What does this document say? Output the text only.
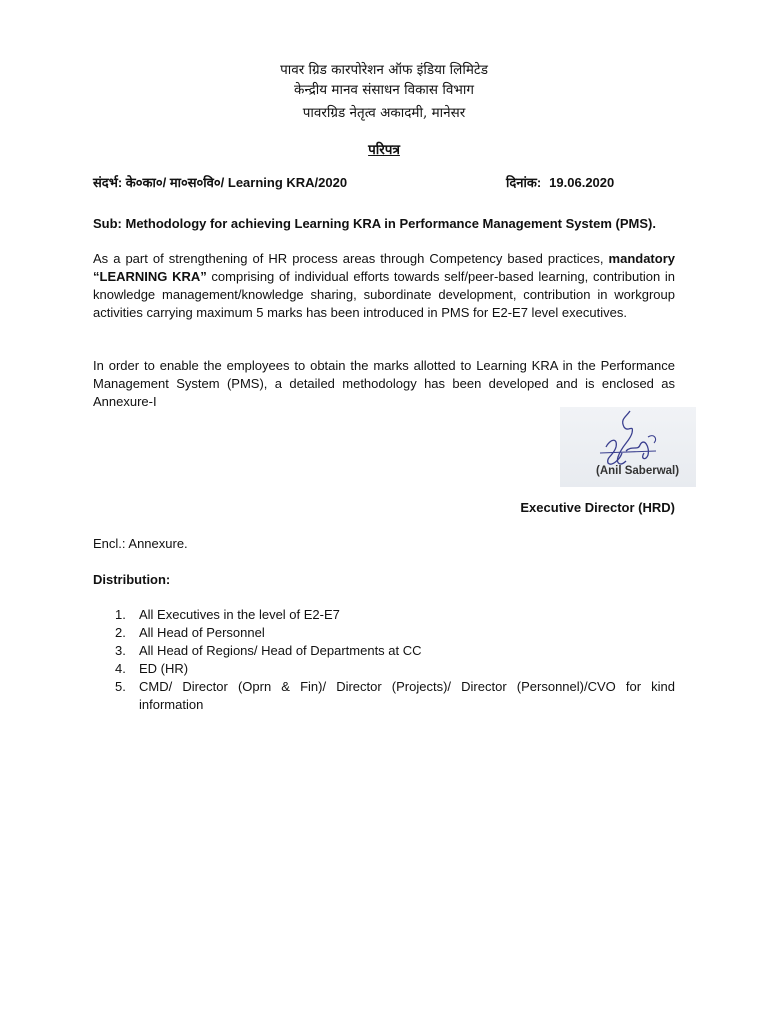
पावर ग्रिड कारपोरेशन ऑफ इंडिया लिमिटेड
केन्द्रीय मानव संसाधन विकास विभाग
पावरग्रिड नेतृत्व अकादमी, मानेसर
परिपत्र
संदर्भ: के०का०/ मा०स०वि०/ Learning KRA/2020	दिनांक: 19.06.2020
Sub: Methodology for achieving Learning KRA in Performance Management System (PMS).
As a part of strengthening of HR process areas through Competency based practices, mandatory “LEARNING KRA” comprising of individual efforts towards self/peer-based learning, contribution in knowledge management/knowledge sharing, subordinate development, contribution in workgroup activities carrying maximum 5 marks has been introduced in PMS for E2-E7 level executives.
In order to enable the employees to obtain the marks allotted to Learning KRA in the Performance Management System (PMS), a detailed methodology has been developed and is enclosed as Annexure-I
(Anil Saberwal)
Executive Director (HRD)
Encl.: Annexure.
Distribution:
1. All Executives in the level of E2-E7
2. All Head of Personnel
3. All Head of Regions/ Head of Departments at CC
4. ED (HR)
5. CMD/ Director (Oprn & Fin)/ Director (Projects)/ Director (Personnel)/CVO for kind information
